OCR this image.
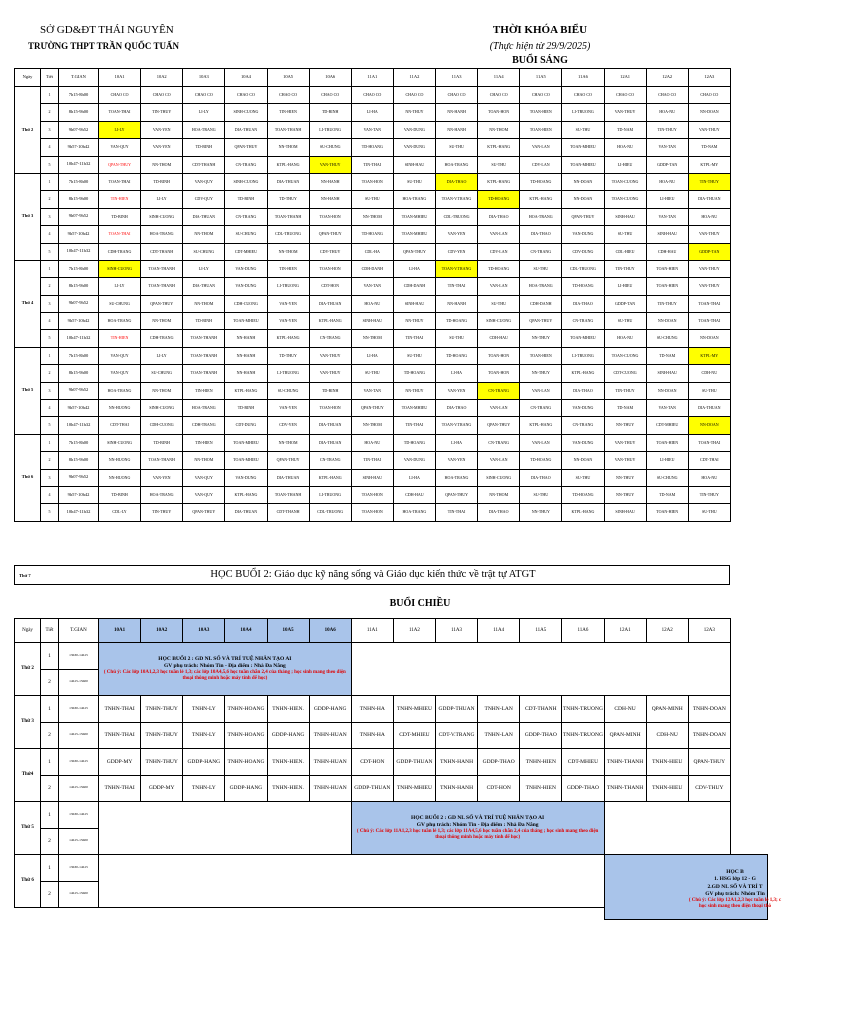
SỞ GD&ĐT THÁI NGUYÊN
TRƯỜNG THPT TRẦN QUỐC TUẤN
THỜI KHÓA BIỂU
(Thực hiện từ 29/9/2025)
BUỔI SÁNG
Ngày	Tiết	T.GIAN	10A1	10A2	10A3	10A4	10A5	10A6	11A1	11A2	11A3	11A4	11A5	11A6	12A1	12A2	12A3
Thứ 2	1	7h15-8h00	CHAO CO	CHAO CO	CHAO CO	CHAO CO	CHAO CO	CHAO CO	CHAO CO	CHAO CO	CHAO CO	CHAO CO	CHAO CO	CHAO CO	CHAO CO	CHAO CO	CHAO CO
	2	8h15-9h00	TOAN-THAI	TIN-THUY	LI-LY	SINH-CUONG	TIN-HIEN	TD-BINH	LI-HA	NN-THUY	NN-HANH	TOAN-HON	TOAN-HIEN	LI-TRUONG	VAN-THUY	HOA-NU	NN-DOAN
	3	9h07-9h52	LI-LY	VAN-YEN	HOA-TRANG	DIA-THUAN	TOAN-THANH	LI-TRUONG	VAN-TAN	VAN-DUNG	NN-HANH	NN-THOM	TOAN-HIEN	SU-THU	TD-NAM	TIN-THUY	VAN-THUY
	4	9h57-10h42	VAN-QUY	VAN-YEN	TD-BINH	QPAN-THUY	NN-THOM	SU-CHUNG	TD-HOANG	VAN-DUNG	SU-THU	KTPL-HANG	VAN-LAN	TOAN-MHIEU	HOA-NU	VAN-TAN	TD-NAM
	5	10h47-11h32	QPAN-THUY	NN-THOM	CDT-THANH	CN-TRANG	KTPL-HANG	VAN-THUY	TIN-THAI	SINH-HAU	HOA-TRANG	SU-THU	CDV-LAN	TOAN-MHIEU	LI-HIEU	GDDP-TAN	KTPL-MY
Thứ 3	1	7h15-8h00	TOAN-THAI	TD-BINH	VAN-QUY	SINH-CUONG	DIA-THUAN	NN-HANH	TOAN-HON	SU-THU	DIA-THAO	KTPL-HANG	TD-HOANG	NN-DOAN	TOAN-CUONG	HOA-NU	TIN-THUY
	2	8h15-9h00	TIN-HIEN	LI-LY	CDV-QUY	TD-BINH	TD-THUY	NN-HANH	SU-THU	HOA-TRANG	TOAN-V.TRANG	TD-HOANG	KTPL-HANG	NN-DOAN	TOAN-CUONG	LI-HIEU	DIA-THUAN
	3	9h07-9h52	TD-BINH	SINH-CUONG	DIA-THUAN	CN-TRANG	TOAN-THANH	TOAN-HON	NN-THOM	TOAN-MHIEU	CDL-TRUONG	DIA-THAO	HOA-TRANG	QPAN-THUY	SINH-HAU	VAN-TAN	HOA-NU
	4	9h57-10h42	TOAN-THAI	HOA-TRANG	NN-THOM	SU-CHUNG	CDL-TRUONG	QPAN-THUY	TD-HOANG	TOAN-MHIEU	VAN-YEN	VAN-LAN	DIA-THAO	VAN-DUNG	SU-THU	SINH-HAU	VAN-THUY
	5	10h47-11h32	CDH-TRANG	CDT-THANH	SU-CHUNG	CDT-MHIEU	NN-THOM	CDV-THUY	CDL-HA	QPAN-THUY	CDV-YEN	CDV-LAN	CN-TRANG	CDV-DUNG	CDL-HIEU	CDH-HAU	GDDP-TAN
Thứ 4	1	7h15-8h00	SINH-CUONG	TOAN-THANH	LI-LY	VAN-DUNG	TIN-HIEN	TOAN-HON	CDH-DANH	LI-HA	TOAN-V.TRANG	TD-HOANG	SU-THU	CDL-TRUONG	TIN-THUY	TOAN-HIEN	VAN-THUY
	2	8h15-9h00	LI-LY	TOAN-THANH	DIA-THUAN	VAN-DUNG	LI-TRUONG	CDT-HON	VAN-TAN	CDH-DANH	TIN-THAI	VAN-LAN	HOA-TRANG	TD-HOANG	LI-HIEU	TOAN-HIEN	VAN-THUY
	3	9h07-9h52	SU-CHUNG	QPAN-THUY	NN-THOM	CDH-CUONG	VAN-YEN	DIA-THUAN	HOA-NU	SINH-HAU	NN-HANH	SU-THU	CDH-DANH	DIA-THAO	GDDP-TAN	TIN-THUY	TOAN-THAI
	4	9h57-10h42	HOA-TRANG	NN-THOM	TD-BINH	TOAN-MHIEU	VAN-YEN	KTPL-HANG	SINH-HAU	NN-THUY	TD-HOANG	SINH-CUONG	QPAN-THUY	CN-TRANG	SU-THU	NN-DOAN	TOAN-THAI
	5	10h47-11h32	TIN-HIEN	CDH-TRANG	TOAN-THANH	NN-HANH	KTPL-HANG	CN-TRANG	NN-THOM	TIN-THAI	SU-THU	CDH-HAU	NN-THUY	TOAN-MHIEU	HOA-NU	SU-CHUNG	NN-DOAN
Thứ 5	1	7h15-8h00	VAN-QUY	LI-LY	TOAN-THANH	NN-HANH	TD-THUY	VAN-THUY	LI-HA	SU-THU	TD-HOANG	TOAN-HON	TOAN-HIEN	LI-TRUONG	TOAN-CUONG	TD-NAM	KTPL-MY
	2	8h15-9h00	VAN-QUY	SU-CHUNG	TOAN-THANH	NN-HANH	LI-TRUONG	VAN-THUY	SU-THU	TD-HOANG	LI-HA	TOAN-HON	NN-THUY	KTPL-HANG	CDT-CUONG	SINH-HAU	CDH-NU
	3	9h07-9h52	HOA-TRANG	NN-THOM	TIN-HIEN	KTPL-HANG	SU-CHUNG	TD-BINH	VAN-TAN	NN-THUY	VAN-YEN	CN-TRANG	VAN-LAN	DIA-THAO	TIN-THUY	NN-DOAN	SU-THU
	4	9h57-10h42	NN-HUONG	SINH-CUONG	HOA-TRANG	TD-BINH	VAN-YEN	TOAN-HON	QPAN-THUY	TOAN-MHIEU	DIA-THAO	VAN-LAN	CN-TRANG	VAN-DUNG	TD-NAM	VAN-TAN	DIA-THUAN
	5	10h47-11h32	CDT-THAI	CDH-CUONG	CDH-TRANG	CDT-DUNG	CDV-YEN	DIA-THUAN	NN-THOM	TIN-THAI	TOAN-V.TRANG	QPAN-THUY	KTPL-HANG	CN-TRANG	NN-THUY	CDT-MHIEU	NN-DOAN
Thứ 6	1	7h15-8h00	SINH-CUONG	TD-BINH	TIN-HIEN	TOAN-MHIEU	NN-THOM	DIA-THUAN	HOA-NU	TD-HOANG	LI-HA	CN-TRANG	VAN-LAN	VAN-DUNG	VAN-THUY	TOAN-HIEN	TOAN-THAI
	2	8h15-9h00	NN-HUONG	TOAN-THANH	NN-THOM	TOAN-MHIEU	QPAN-THUY	CN-TRANG	TIN-THAI	VAN-DUNG	VAN-YEN	VAN-LAN	TD-HOANG	NN-DOAN	VAN-THUY	LI-HIEU	CDT-THAI
	3	9h07-9h52	NN-HUONG	VAN-YEN	VAN-QUY	VAN-DUNG	DIA-THUAN	KTPL-HANG	SINH-HAU	LI-HA	HOA-TRANG	SINH-CUONG	DIA-THAO	SU-THU	NN-THUY	SU-CHUNG	HOA-NU
	4	9h57-10h42	TD-BINH	HOA-TRANG	VAN-QUY	KTPL-HANG	TOAN-THANH	LI-TRUONG	TOAN-HON	CDH-HAU	QPAN-THUY	NN-THOM	SU-THU	TD-HOANG	NN-THUY	TD-NAM	TIN-THUY
	5	10h47-11h32	CDL-LY	TIN-THUY	QPAN-THUY	DIA-THUAN	CDT-THANH	CDL-TRUONG	TOAN-HON	HOA-TRANG	TIN-THAI	DIA-THAO	NN-THUY	KTPL-HANG	SINH-HAU	TOAN-HIEN	SU-THU
Thứ 7	HỌC BUỔI 2: Giáo dục kỹ năng sống và Giáo dục kiến thức về trật tự ATGT
BUỔI CHIỀU
Ngày	Tiết	T.GIAN	10A1	10A2	10A3	10A4	10A5	10A6	11A1	11A2	11A3	11A4	11A5	11A6	12A1	12A2	12A3
Thứ 2	1	13h30-14h15	HỌC BUỔI 2 : GD NL SỐ VÀ TRÍ TUỆ NHÂN TẠO AI
GV phụ trách: Nhóm Tin - Địa điểm : Nhà Đa Năng
( Chú ý: Các lớp 10A1,2,3 học tuần lẻ 1,3; các lớp 10A4,5,6 học tuần chẵn 2,4 của tháng ; học sinh mang theo điện thoại thông minh hoặc máy tính để học)														

	2	14h15-15h00															
Thứ 3	1	13h30-14h15	TNHN-THAI	TNHN-THUY	TNHN-LY	TNHN-HOANG	TNHN-HIEN.	GDDP-HANG	TNHN-HA	TNHN-MHIEU	GDDP-THUAN	TNHN-LAN	CDT-THANH	TNHN-TRUONG	CDH-NU	QPAN-MINH	TNHN-DOAN
	2	14h15-15h00	TNHN-THAI	TNHN-THUY	TNHN-LY	TNHN-HOANG	GDDP-HANG	TNHN-HUAN	TNHN-HA	CDT-MHIEU	CDT-V.TRANG	TNHN-LAN	GDDP-THAO	TNHN-TRUONG	QPAN-MINH	CDH-NU	TNHN-DOAN
Thứ4	1	13h30-14h15	GDDP-MY	TNHN-THUY	GDDP-HANG	TNHN-HOANG	TNHN-HIEN.	TNHN-HUAN	CDT-HON	GDDP-THUAN	TNHN-HANH	GDDP-THAO	TNHN-HIEN	CDT-MHIEU	TNHN-THANH	TNHN-HIEU	QPAN-THUY
	2	14h15-15h00	TNHN-THAI	GDDP-MY	TNHN-LY	GDDP-HANG	TNHN-HIEN.	TNHN-HUAN	GDDP-THUAN	TNHN-MHIEU	TNHN-HANH	CDT-HON	TNHN-HIEN	GDDP-THAO	TNHN-THANH	TNHN-HIEU	CDV-THUY
Thứ 5	1	13h30-14h15							HỌC BUỔI 2 : GD NL SỐ VÀ TRÍ TUỆ NHÂN TẠO AI
GV phụ trách: Nhóm Tin - Địa điểm : Nhà Đa Năng
( Chú ý: Các lớp 11A1,2,3 học tuần lẻ 1,3; các lớp 11A4,5,6 học tuần chẵn 2,4 của tháng ; học sinh mang theo điện thoại thông minh hoặc máy tính để học)								

	2	14h15-15h00															
Thứ 6	1	13h30-14h15															
	2	14h15-15h00															
HỌC B
1. HSG lớp 12 - G
2.GD NL SỐ VÀ TRÍ T
GV phụ trách: Nhóm Tin
( Chú ý: Các lớp 12A1,2,3 học tuần lẻ 1,3; c
học sinh mang theo điện thoại thô
